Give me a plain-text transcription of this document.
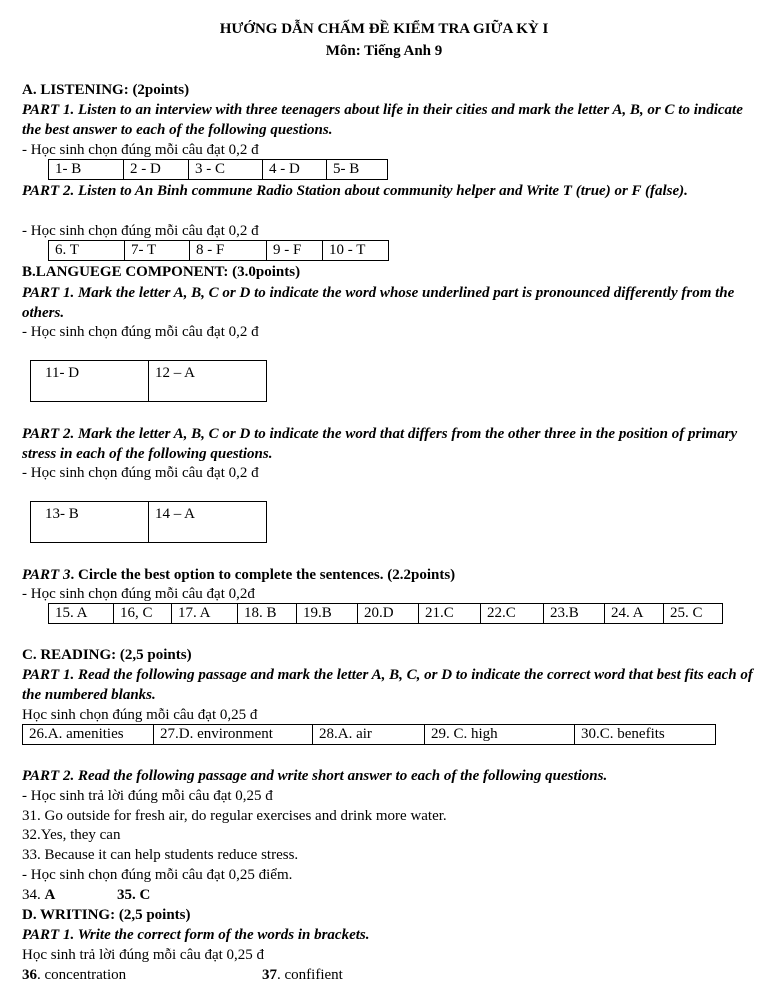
HƯỚNG DẪN CHẤM ĐỀ KIỂM TRA GIỮA KỲ I
Môn: Tiếng Anh 9
A. LISTENING: (2points)
PART 1. Listen to an interview with three teenagers about life in their cities and mark the letter A, B, or C to indicate the best answer to each of the following questions.
- Học sinh chọn đúng mỗi câu đạt 0,2 đ
1- B	2 - D	3 - C	4 - D	5- B
PART 2. Listen to An Binh commune Radio Station about community helper and Write T (true) or F (false).
- Học sinh chọn đúng mỗi câu đạt 0,2 đ
6. T	7- T	8 - F	9 - F	10 - T
B.LANGUEGE COMPONENT: (3.0points)
PART 1. Mark the letter A, B, C or D to indicate the word whose underlined part is pronounced differently from the others.
- Học sinh chọn đúng mỗi câu đạt 0,2 đ
11- D	12 – A
PART 2. Mark the letter A, B, C or D to indicate the word that differs from the other three in the position of primary stress in each of the following questions.
- Học sinh chọn đúng mỗi câu đạt 0,2 đ
13- B	14 – A
PART 3. Circle the best option to complete the sentences. (2.2points)
- Học sinh chọn đúng mỗi câu đạt 0,2đ
15. A	16, C	17. A	18. B	19.B	20.D	21.C	22.C	23.B	24. A	25. C
C. READING: (2,5 points)
PART 1. Read the following passage and mark the letter A, B, C, or D to indicate the correct word that best fits each of the numbered blanks.
Học sinh chọn đúng mỗi câu đạt 0,25 đ
26.A. amenities	27.D. environment	28.A. air	29. C. high	30.C. benefits
PART 2. Read the following passage and write short answer to each of the following questions.
- Học sinh trả lời đúng mỗi câu đạt 0,25 đ
31. Go outside for fresh air, do regular exercises and drink more water.
32.Yes, they can
33. Because it can help students reduce stress.
- Học sinh chọn đúng mỗi câu đạt 0,25 điểm.
34. A	35. C
D. WRITING: (2,5 points)
PART 1. Write the correct form of the words in brackets.
Học sinh trả lời đúng mỗi câu đạt 0,25 đ
36. concentration	37. confifient
